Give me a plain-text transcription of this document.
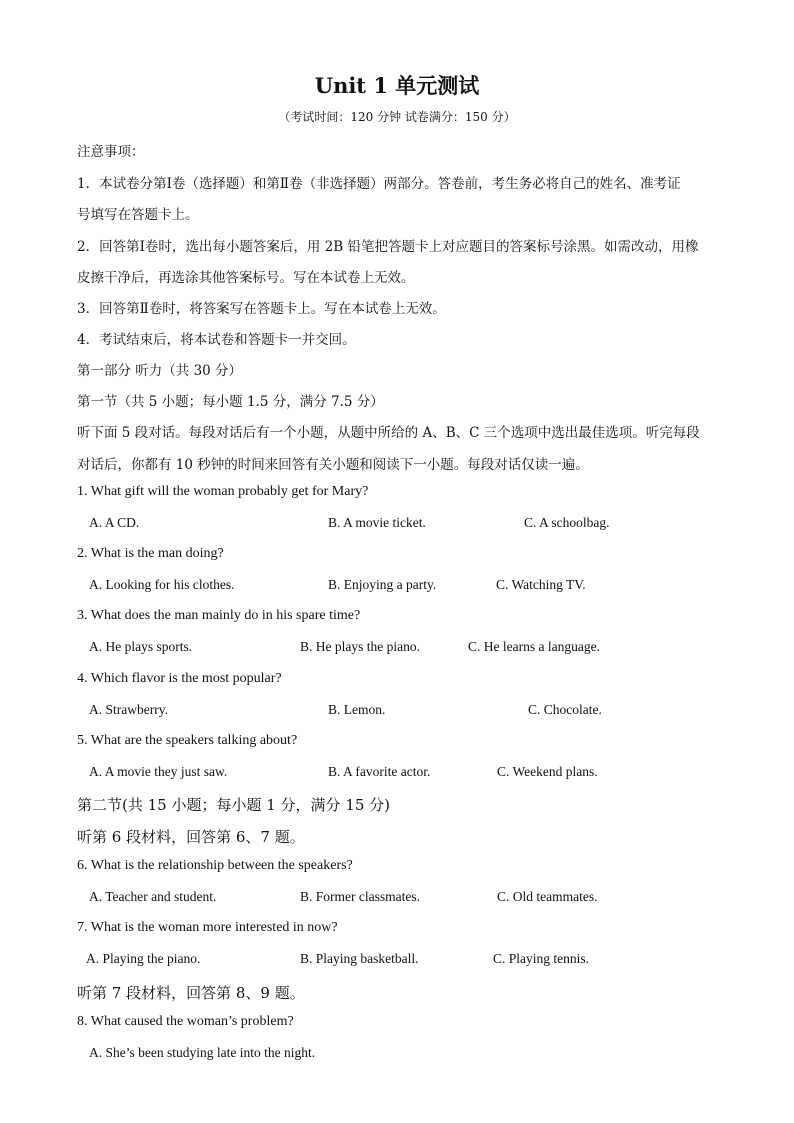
Unit 1 单元测试
（考试时间：120 分钟 试卷满分：150 分）
注意事项：
1．本试卷分第Ⅰ卷（选择题）和第Ⅱ卷（非选择题）两部分。答卷前，考生务必将自己的姓名、准考证
号填写在答题卡上。
2．回答第Ⅰ卷时，选出每小题答案后，用 2B 铅笔把答题卡上对应题目的答案标号涂黑。如需改动，用橡
皮擦干净后，再选涂其他答案标号。写在本试卷上无效。
3．回答第Ⅱ卷时，将答案写在答题卡上。写在本试卷上无效。
4．考试结束后，将本试卷和答题卡一并交回。
第一部分 听力（共 30 分）
第一节（共 5 小题；每小题 1.5 分，满分 7.5 分）
听下面 5 段对话。每段对话后有一个小题，从题中所给的 A、B、C 三个选项中选出最佳选项。听完每段
对话后，你都有 10 秒钟的时间来回答有关小题和阅读下一小题。每段对话仅读一遍。
1. What gift will the woman probably get for Mary?
A. A CD.	B. A movie ticket.	C. A schoolbag.
2. What is the man doing?
A. Looking for his clothes.	B. Enjoying a party.	C. Watching TV.
3. What does the man mainly do in his spare time?
A. He plays sports.	B. He plays the piano.	C. He learns a language.
4. Which flavor is the most popular?
A. Strawberry.	B. Lemon.	C. Chocolate.
5. What are the speakers talking about?
A. A movie they just saw.	B. A favorite actor.	C. Weekend plans.
第二节(共 15 小题；每小题 1 分，满分 15 分)
听第 6 段材料，回答第 6、7 题。
6. What is the relationship between the speakers?
A. Teacher and student.	B. Former classmates.	C. Old teammates.
7. What is the woman more interested in now?
A. Playing the piano.	B. Playing basketball.	C. Playing tennis.
听第 7 段材料，回答第 8、9 题。
8. What caused the woman’s problem?
A. She’s been studying late into the night.
